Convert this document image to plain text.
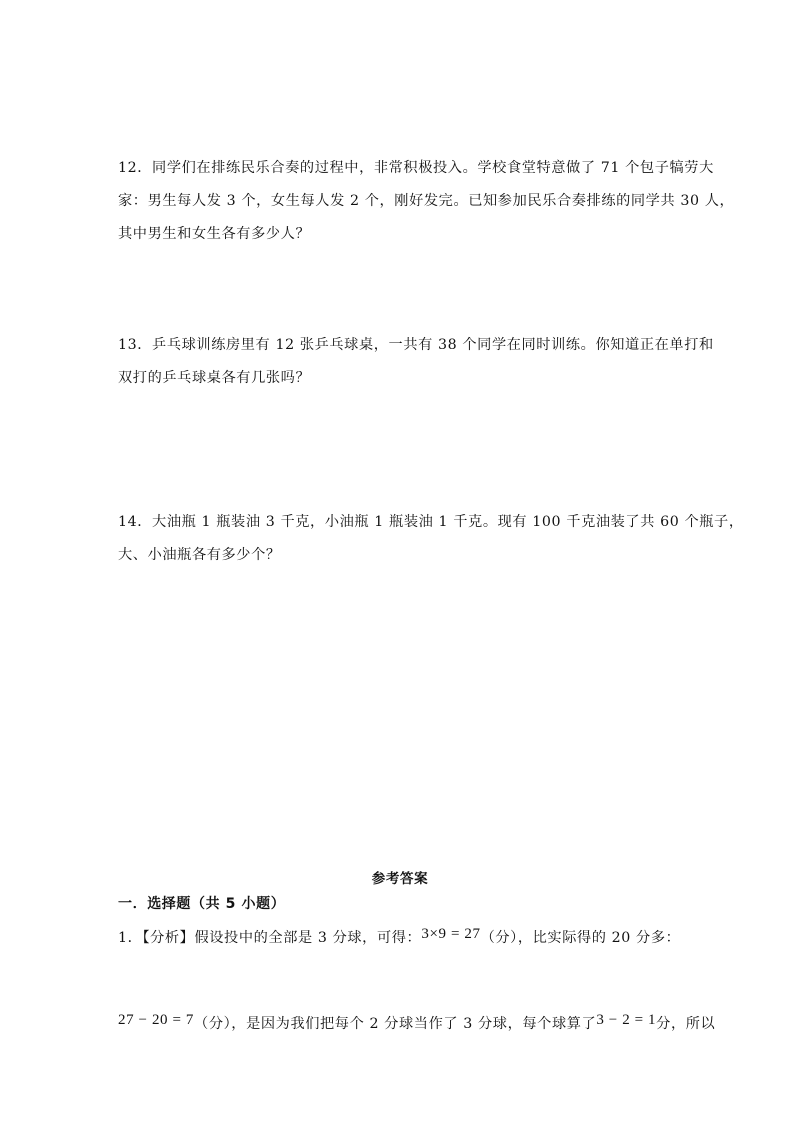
12．同学们在排练民乐合奏的过程中，非常积极投入。学校食堂特意做了 71 个包子犒劳大
家：男生每人发 3 个，女生每人发 2 个，刚好发完。已知参加民乐合奏排练的同学共 30 人，
其中男生和女生各有多少人？
13．乒乓球训练房里有 12 张乒乓球桌，一共有 38 个同学在同时训练。你知道正在单打和
双打的乒乓球桌各有几张吗？
14．大油瓶 1 瓶装油 3 千克，小油瓶 1 瓶装油 1 千克。现有 100 千克油装了共 60 个瓶子，
大、小油瓶各有多少个？
参考答案
一．选择题（共 5 小题）
1．【分析】假设投中的全部是 3 分球，可得：3×9 = 27（分），比实际得的 20 分多：
27 − 20 = 7（分），是因为我们把每个 2 分球当作了 3 分球，每个球算了3 − 2 = 1分，所以
